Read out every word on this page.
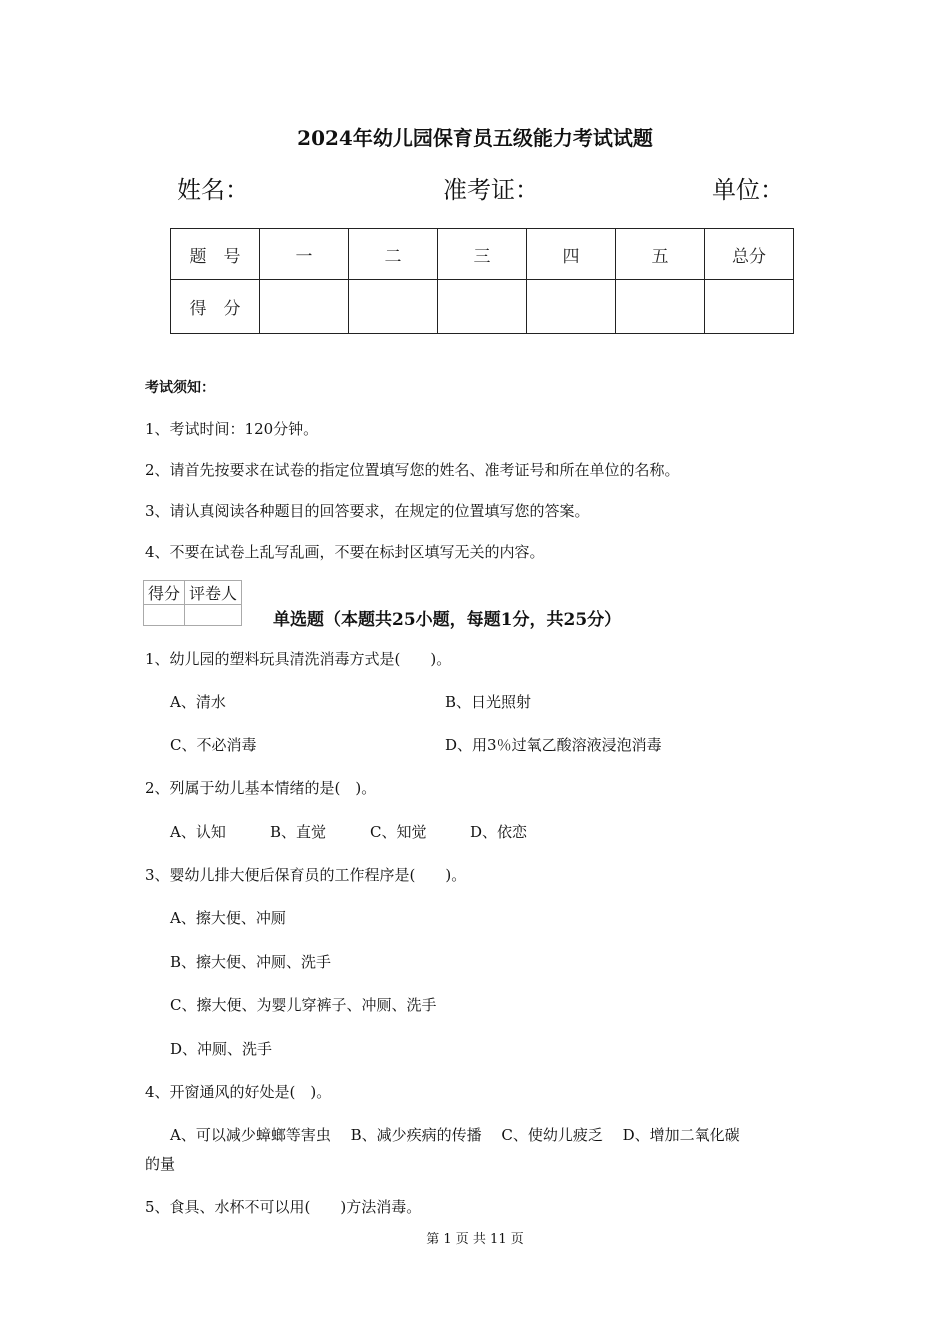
2024年幼儿园保育员五级能力考试试题
姓名：	准考证：	单位：
题　号	一	二	三	四	五	总分
得　分						
考试须知：
1、考试时间：120分钟。
2、请首先按要求在试卷的指定位置填写您的姓名、准考证号和所在单位的名称。
3、请认真阅读各种题目的回答要求，在规定的位置填写您的答案。
4、不要在试卷上乱写乱画，不要在标封区填写无关的内容。
得分	评卷人

单选题（本题共25小题，每题1分，共25分）
1、幼儿园的塑料玩具清洗消毒方式是(　　)。
A、清水	B、日光照射
C、不必消毒	D、用3％过氧乙酸溶液浸泡消毒
2、列属于幼儿基本情绪的是(　)。
A、认知	B、直觉	C、知觉	D、依恋
3、婴幼儿排大便后保育员的工作程序是(　　)。
A、擦大便、冲厕
B、擦大便、冲厕、洗手
C、擦大便、为婴儿穿裤子、冲厕、洗手
D、冲厕、洗手
4、开窗通风的好处是(　)。
A、可以减少蟑螂等害虫　 B、减少疾病的传播　 C、使幼儿疲乏　 D、增加二氧化碳
的量
5、食具、水杯不可以用(　　)方法消毒。
第 1 页 共 11 页
